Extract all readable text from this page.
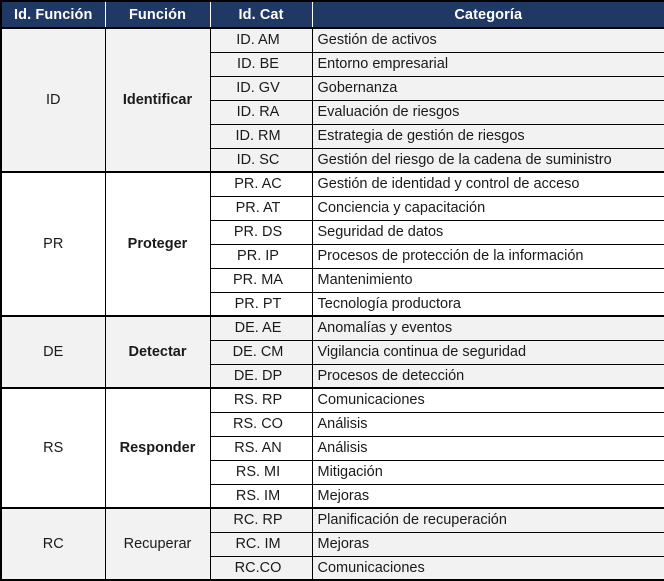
Id. Función	Función	Id. Cat	Categoría
ID	Identificar	ID. AM	Gestión de activos
		ID. BE	Entorno empresarial
		ID. GV	Gobernanza
		ID. RA	Evaluación de riesgos
		ID. RM	Estrategia de gestión de riesgos
		ID. SC	Gestión del riesgo de la cadena de suministro
PR	Proteger	PR. AC	Gestión de identidad y control de acceso
		PR. AT	Conciencia y capacitación
		PR. DS	Seguridad de datos
		PR. IP	Procesos de protección de la información
		PR. MA	Mantenimiento
		PR. PT	Tecnología productora
DE	Detectar	DE. AE	Anomalías y eventos
		DE. CM	Vigilancia continua de seguridad
		DE. DP	Procesos de detección
RS	Responder	RS. RP	Comunicaciones
		RS. CO	Análisis
		RS. AN	Análisis
		RS. MI	Mitigación
		RS. IM	Mejoras
RC	Recuperar	RC. RP	Planificación de recuperación
		RC. IM	Mejoras
		RC.CO	Comunicaciones
